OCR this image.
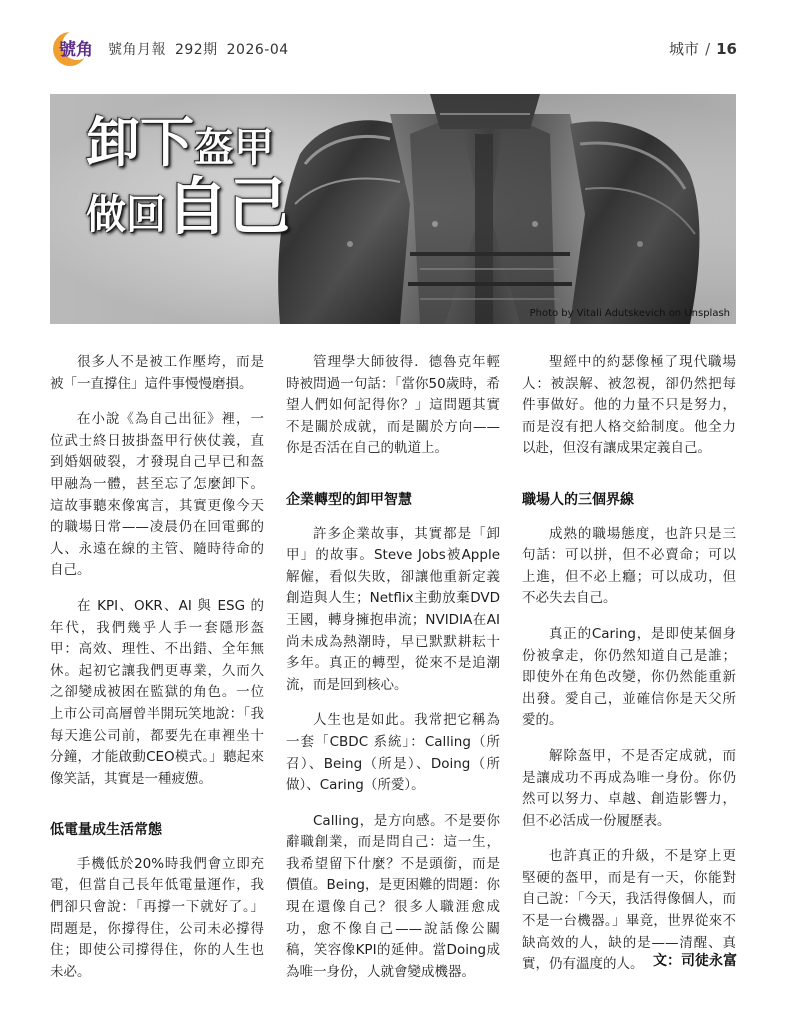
號角 號角月報 292期 2026-04	城市 / 16
卸下盔甲
做回自己
Photo by Vitali Adutskevich on Unsplash

很多人不是被工作壓垮，而是被「一直撐住」這件事慢慢磨損。

在小說《為自己出征》裡，一位武士終日披掛盔甲行俠仗義，直到婚姻破裂，才發現自己早已和盔甲融為一體，甚至忘了怎麼卸下。這故事聽來像寓言，其實更像今天的職場日常——凌晨仍在回電郵的人、永遠在線的主管、隨時待命的自己。

在 KPI、OKR、AI 與 ESG 的年代，我們幾乎人手一套隱形盔甲：高效、理性、不出錯、全年無休。起初它讓我們更專業，久而久之卻變成被困在監獄的角色。一位上市公司高層曾半開玩笑地說：「我每天進公司前，都要先在車裡坐十分鐘，才能啟動CEO模式。」聽起來像笑話，其實是一種疲憊。

低電量成生活常態

手機低於20%時我們會立即充電，但當自己長年低電量運作，我們卻只會說：「再撐一下就好了。」問題是，你撐得住，公司未必撐得住；即使公司撐得住，你的人生也未必。

管理學大師彼得．德魯克年輕時被問過一句話：「當你50歲時，希望人們如何記得你？」這問題其實不是關於成就，而是關於方向——你是否活在自己的軌道上。

企業轉型的卸甲智慧

許多企業故事，其實都是「卸甲」的故事。Steve Jobs被Apple解僱，看似失敗，卻讓他重新定義創造與人生；Netflix主動放棄DVD王國，轉身擁抱串流；NVIDIA在AI尚未成為熱潮時，早已默默耕耘十多年。真正的轉型，從來不是追潮流，而是回到核心。

人生也是如此。我常把它稱為一套「CBDC 系統」：Calling（所召）、Being（所是）、Doing（所做）、Caring（所愛）。

Calling，是方向感。不是要你辭職創業，而是問自己：這一生，我希望留下什麼？不是頭銜，而是價值。Being，是更困難的問題：你現在還像自己？很多人職涯愈成功，愈不像自己——說話像公關稿，笑容像KPI的延伸。當Doing成為唯一身份，人就會變成機器。

聖經中的約瑟像極了現代職場人：被誤解、被忽視，卻仍然把每件事做好。他的力量不只是努力，而是沒有把人格交給制度。他全力以赴，但沒有讓成果定義自己。

職場人的三個界線

成熟的職場態度，也許只是三句話：可以拼，但不必賣命；可以上進，但不必上癮；可以成功，但不必失去自己。

真正的Caring，是即使某個身份被拿走，你仍然知道自己是誰；即使外在角色改變，你仍然能重新出發。愛自己，並確信你是天父所愛的。

解除盔甲，不是否定成就，而是讓成功不再成為唯一身份。你仍然可以努力、卓越、創造影響力，但不必活成一份履歷表。

也許真正的升級，不是穿上更堅硬的盔甲，而是有一天，你能對自己說：「今天，我活得像個人，而不是一台機器。」畢竟，世界從來不缺高效的人，缺的是——清醒、真實，仍有溫度的人。 文：司徒永富
